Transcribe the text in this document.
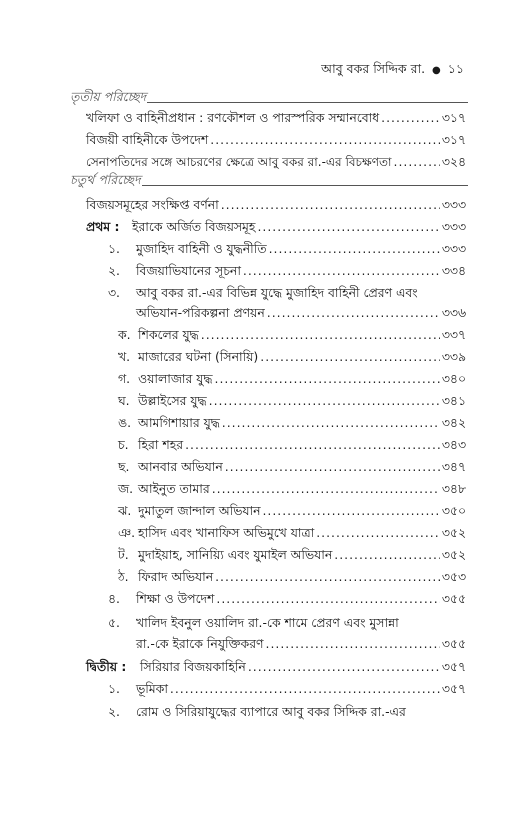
আবু বকর সিদ্দিক রা. ● ১১
তৃতীয় পরিচ্ছেদ
চতুর্থ পরিচ্ছেদ
খলিফা ও বাহিনীপ্রধান : রণকৌশল ও পারস্পরিক সম্মানবোধ .....	৩১৭
বিজয়ী বাহিনীকে উপদেশ .....	৩১৭
সেনাপতিদের সঙ্গে আচরণের ক্ষেত্রে আবু বকর রা.-এর বিচক্ষণতা .....	৩২৪
বিজয়সমূহের সংক্ষিপ্ত বর্ণনা .....	৩৩৩
প্রথম :	ইরাকে অর্জিত বিজয়সমূহ .....	৩৩৩
১.	মুজাহিদ বাহিনী ও যুদ্ধনীতি .....	৩৩৩
২.	বিজয়াভিযানের সূচনা .....	৩৩৪
৩.	আবু বকর রা.-এর বিভিন্ন যুদ্ধে মুজাহিদ বাহিনী প্রেরণ এবং
অভিযান-পরিকল্পনা প্রণয়ন .....	৩৩৬
ক. শিকলের যুদ্ধ .....	৩৩৭
খ. মাজারের ঘটনা (সিনায়ি) .....	৩৩৯
গ. ওয়ালাজার যুদ্ধ .....	৩৪০
ঘ. উল্লাইসের যুদ্ধ .....	৩৪১
ঙ. আমগিশায়ার যুদ্ধ .....	৩৪২
চ. হিরা শহর .....	৩৪৩
ছ. আনবার অভিযান .....	৩৪৭
জ. আইনুত তামার .....	৩৪৮
ঝ. দুমাতুল জান্দাল অভিযান .....	৩৫০
ঞ. হাসিদ এবং খানাফিস অভিমুখে যাত্রা .....	৩৫২
ট. মুদাইয়াহ, সানিয়্যি এবং যুমাইল অভিযান .....	৩৫২
ঠ. ফিরাদ অভিযান .....	৩৫৩
৪.	শিক্ষা ও উপদেশ .....	৩৫৫
৫.	খালিদ ইবনুল ওয়ালিদ রা.-কে শামে প্রেরণ এবং মুসান্না
রা.-কে ইরাকে নিযুক্তিকরণ .....	৩৫৫
দ্বিতীয় :	সিরিয়ার বিজয়কাহিনি .....	৩৫৭
১.	ভূমিকা .....	৩৫৭
২.	রোম ও সিরিয়াযুদ্ধের ব্যাপারে আবু বকর সিদ্দিক রা.-এর
